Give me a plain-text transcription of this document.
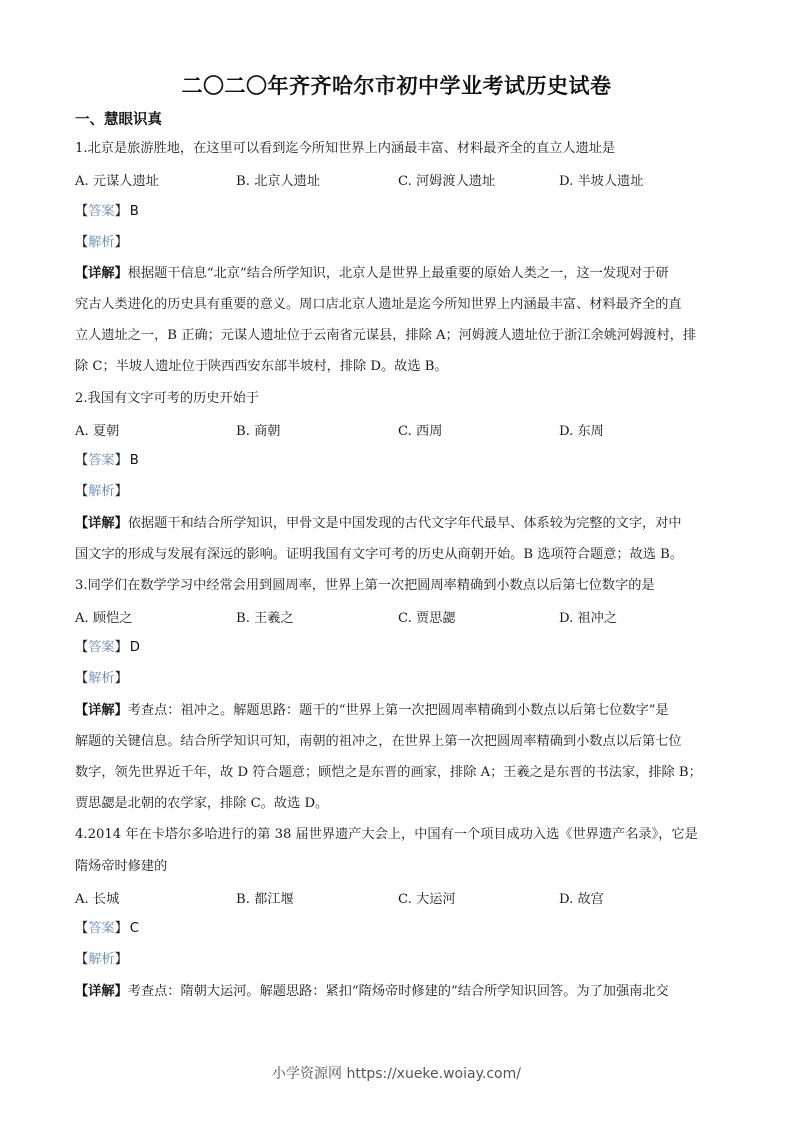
二〇二〇年齐齐哈尔市初中学业考试历史试卷
一、慧眼识真
1.北京是旅游胜地，在这里可以看到迄今所知世界上内涵最丰富、材料最齐全的直立人遗址是
A. 元谋人遗址	B. 北京人遗址	C. 河姆渡人遗址	D. 半坡人遗址
【答案】 B
【解析】
【详解】根据题干信息“北京”结合所学知识，北京人是世界上最重要的原始人类之一，这一发现对于研
究古人类进化的历史具有重要的意义。周口店北京人遗址是迄今所知世界上内涵最丰富、材料最齐全的直
立人遗址之一，B 正确；元谋人遗址位于云南省元谋县，排除 A；河姆渡人遗址位于浙江余姚河姆渡村，排
除 C；半坡人遗址位于陕西西安东部半坡村，排除 D。故选 B。
2.我国有文字可考的历史开始于
A. 夏朝	B. 商朝	C. 西周	D. 东周
【答案】 B
【解析】
【详解】依据题干和结合所学知识，甲骨文是中国发现的古代文字年代最早、体系较为完整的文字，对中
国文字的形成与发展有深远的影响。证明我国有文字可考的历史从商朝开始。B 选项符合题意；故选 B。
3.同学们在数学学习中经常会用到圆周率，世界上第一次把圆周率精确到小数点以后第七位数字的是
A. 顾恺之	B. 王羲之	C. 贾思勰	D. 祖冲之
【答案】 D
【解析】
【详解】考查点：祖冲之。解题思路：题干的“世界上第一次把圆周率精确到小数点以后第七位数字”是
解题的关键信息。结合所学知识可知，南朝的祖冲之，在世界上第一次把圆周率精确到小数点以后第七位
数字，领先世界近千年，故 D 符合题意；顾恺之是东晋的画家，排除 A；王羲之是东晋的书法家，排除 B；
贾思勰是北朝的农学家，排除 C。故选 D。
4.2014 年在卡塔尔多哈进行的第 38 届世界遗产大会上，中国有一个项目成功入选《世界遗产名录》，它是
隋炀帝时修建的
A. 长城	B. 都江堰	C. 大运河	D. 故宫
【答案】 C
【解析】
【详解】考查点：隋朝大运河。解题思路：紧扣“隋炀帝时修建的”结合所学知识回答。为了加强南北交
小学资源网 https://xueke.woiay.com/
